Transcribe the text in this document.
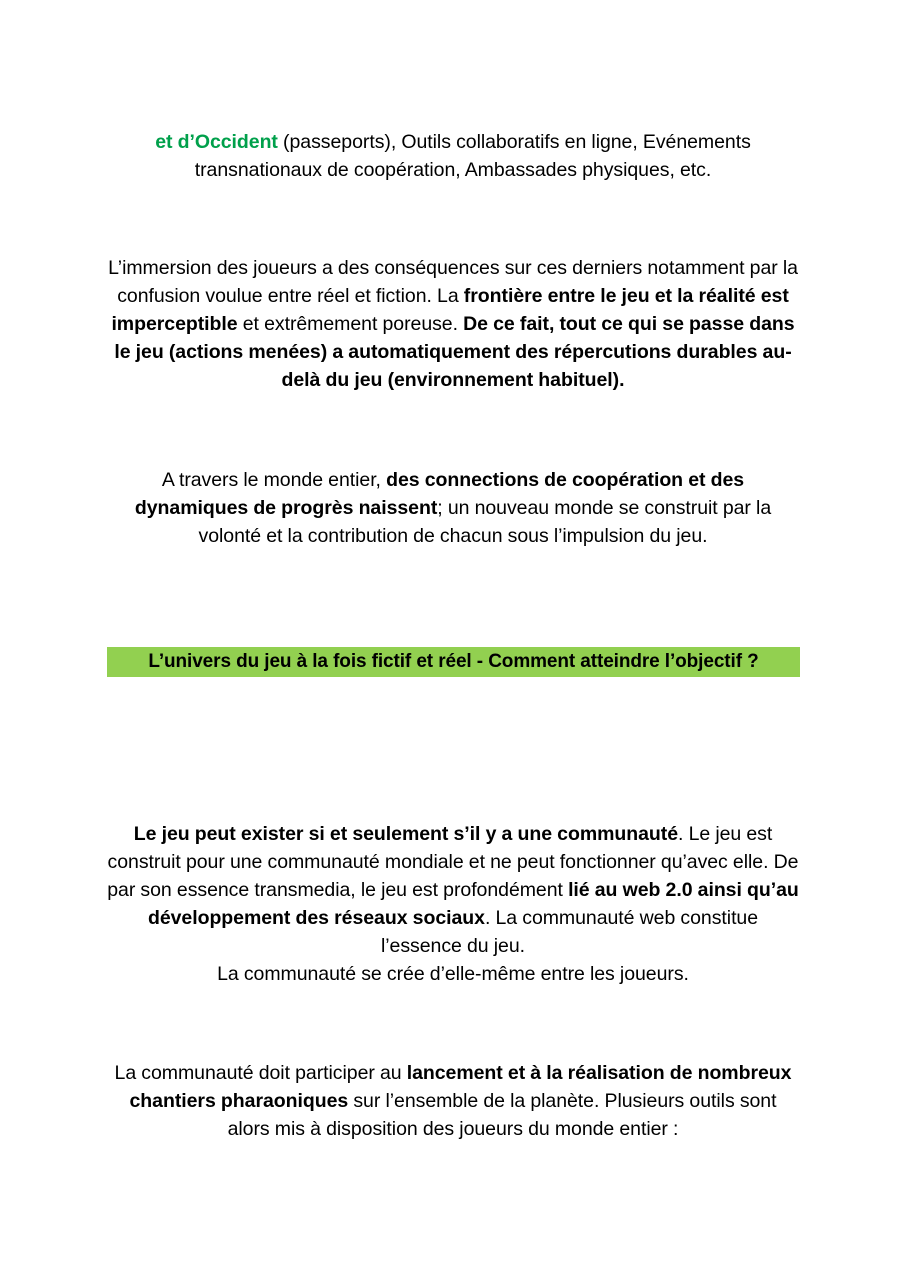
et d’Occident (passeports), Outils collaboratifs en ligne, Evénements transnationaux de coopération, Ambassades physiques, etc.

L’immersion des joueurs a des conséquences sur ces derniers notamment par la confusion voulue entre réel et fiction. La frontière entre le jeu et la réalité est imperceptible et extrêmement poreuse. De ce fait, tout ce qui se passe dans le jeu (actions menées) a automatiquement des répercutions durables au-delà du jeu (environnement habituel).

A travers le monde entier, des connections de coopération et des dynamiques de progrès naissent; un nouveau monde se construit par la volonté et la contribution de chacun sous l’impulsion du jeu.

L’univers du jeu à la fois fictif et réel - Comment atteindre l’objectif ?

Le jeu peut exister si et seulement s’il y a une communauté. Le jeu est construit pour une communauté mondiale et ne peut fonctionner qu’avec elle. De par son essence transmedia, le jeu est profondément lié au web 2.0 ainsi qu’au développement des réseaux sociaux. La communauté web constitue l’essence du jeu.
La communauté se crée d’elle-même entre les joueurs.

La communauté doit participer au lancement et à la réalisation de nombreux chantiers pharaoniques sur l’ensemble de la planète. Plusieurs outils sont alors mis à disposition des joueurs du monde entier :
